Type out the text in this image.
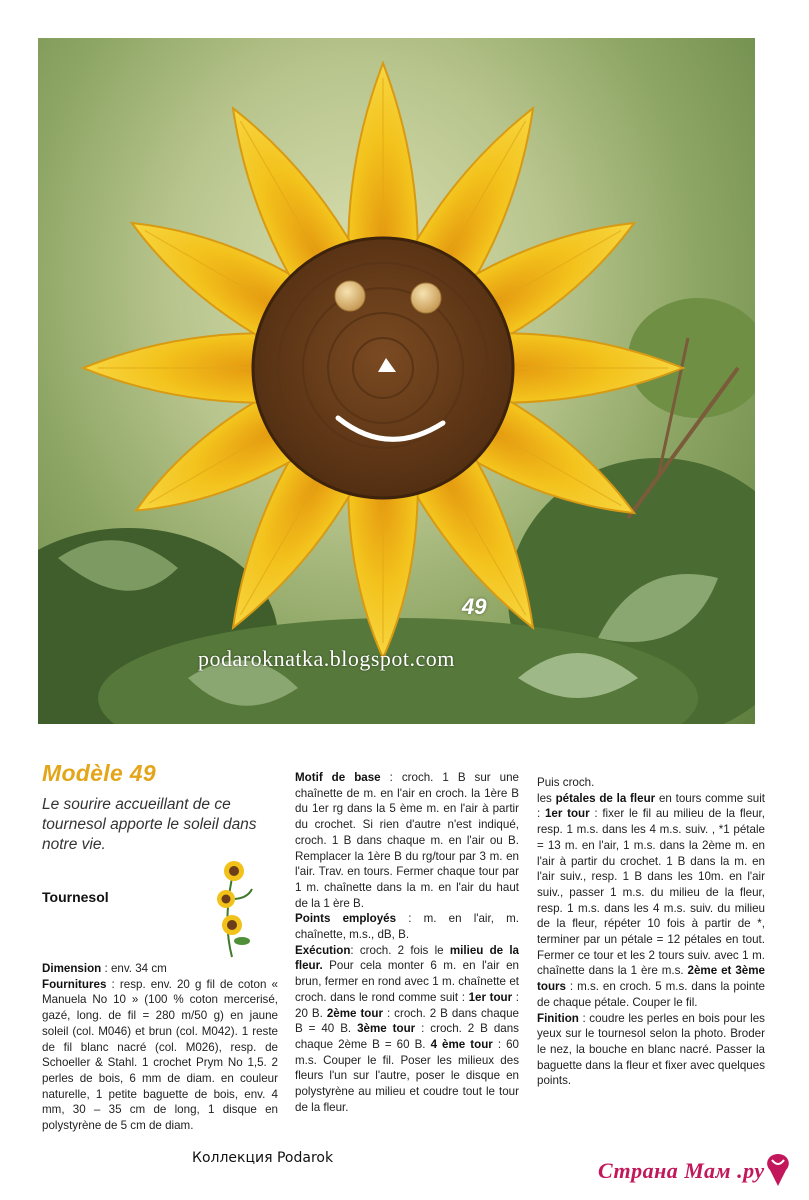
49
podaroknatka.blogspot.com
Modèle 49
Le sourire accueillant de ce tournesol apporte le soleil dans notre vie.
Tournesol

Dimension : env. 34 cm

Fournitures : resp. env. 20 g fil de coton « Manuela No 10 » (100 % coton mercerisé, gazé, long. de fil = 280 m/50 g) en jaune soleil (col. M046) et brun (col. M042). 1 reste de fil blanc nacré (col. M026), resp. de Schoeller & Stahl. 1 crochet Prym No 1,5. 2 perles de bois, 6 mm de diam. en couleur naturelle, 1 petite baguette de bois, env. 4 mm, 30 – 35 cm de long, 1 disque en polystyrène de 5 cm de diam.

Motif de base : croch. 1 B sur une chaînette de m. en l'air en croch. la 1ère B du 1er rg dans la 5 ème m. en l'air à partir du crochet. Si rien d'autre n'est indiqué, croch. 1 B dans chaque m. en l'air ou B. Remplacer la 1ère B du rg/tour par 3 m. en l'air. Trav. en tours. Fermer chaque tour par 1 m. chaînette dans la m. en l'air du haut de la 1 ère B.

Points employés : m. en l'air, m. chaînette, m.s., dB, B.

Exécution: croch. 2 fois le milieu de la fleur. Pour cela monter 6 m. en l'air en brun, fermer en rond avec 1 m. chaînette et croch. dans le rond comme suit : 1er tour : 20 B. 2ème tour : croch. 2 B dans chaque B = 40 B. 3ème tour : croch. 2 B dans chaque 2ème B = 60 B. 4 ème tour : 60 m.s. Couper le fil. Poser les milieux des fleurs l'un sur l'autre, poser le disque en polystyrène au milieu et coudre tout le tour de la fleur.

Puis croch.

les pétales de la fleur en tours comme suit : 1er tour : fixer le fil au milieu de la fleur, resp. 1 m.s. dans les 4 m.s. suiv. , *1 pétale = 13 m. en l'air, 1 m.s. dans la 2ème m. en l'air à partir du crochet. 1 B dans la m. en l'air suiv., resp. 1 B dans les 10m. en l'air suiv., passer 1 m.s. du milieu de la fleur, resp. 1 m.s. dans les 4 m.s. suiv. du milieu de la fleur, répéter 10 fois à partir de *, terminer par un pétale = 12 pétales en tout. Fermer ce tour et les 2 tours suiv. avec 1 m. chaînette dans la 1 ère m.s. 2ème et 3ème tours : m.s. en croch. 5 m.s. dans la pointe de chaque pétale. Couper le fil.

Finition : coudre les perles en bois pour les yeux sur le tournesol selon la photo. Broder le nez, la bouche en blanc nacré. Passer la baguette dans la fleur et fixer avec quelques points.

Коллекция Podarok	Страна Мам .ру
